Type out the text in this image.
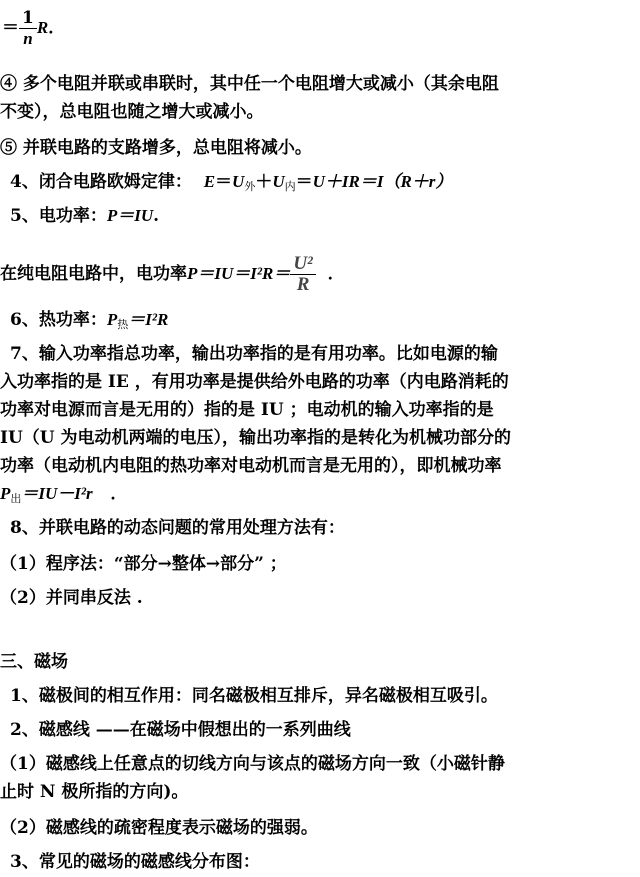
＝ $\frac{1}{n}$ R．
④ 多个电阻并联或串联时，其中任一个电阻增大或减小（其余电阻
不变），总电阻也随之增大或减小。
⑤ 并联电路的支路增多，总电阻将减小。
4、闭合电路欧姆定律： $E=U_外+U_内=U+IR=I(R+r)$
5、电功率：P＝IU.
在纯电阻电路中，电功率$P=IU=I^2R= \frac{\text{U²}}{R}$ ．
6、热功率：$P_热=I^2R$
7、输入功率指总功率，输出功率指的是有用功率。比如电源的输
入功率指的是 IE ，有用功率是提供给外电路的功率（内电路消耗的
功率对电源而言是无用的）指的是 IU ；电动机的输入功率指的是
IU（U 为电动机两端的电压），输出功率指的是转化为机械功部分的
功率（电动机内电阻的热功率对电动机而言是无用的），即机械功率
$P_出=IU-I^2r$ ．
8、并联电路的动态问题的常用处理方法有：
（1）程序法：“部分→整体→部分” ；
（2）并同串反法 .
三、磁场
1、磁极间的相互作用：同名磁极相互排斥，异名磁极相互吸引。
2、磁感线 ——在磁场中假想出的一系列曲线
（1）磁感线上任意点的切线方向与该点的磁场方向一致（小磁针静
止时 N 极所指的方向)。
（2）磁感线的疏密程度表示磁场的强弱。
3、常见的磁场的磁感线分布图：
